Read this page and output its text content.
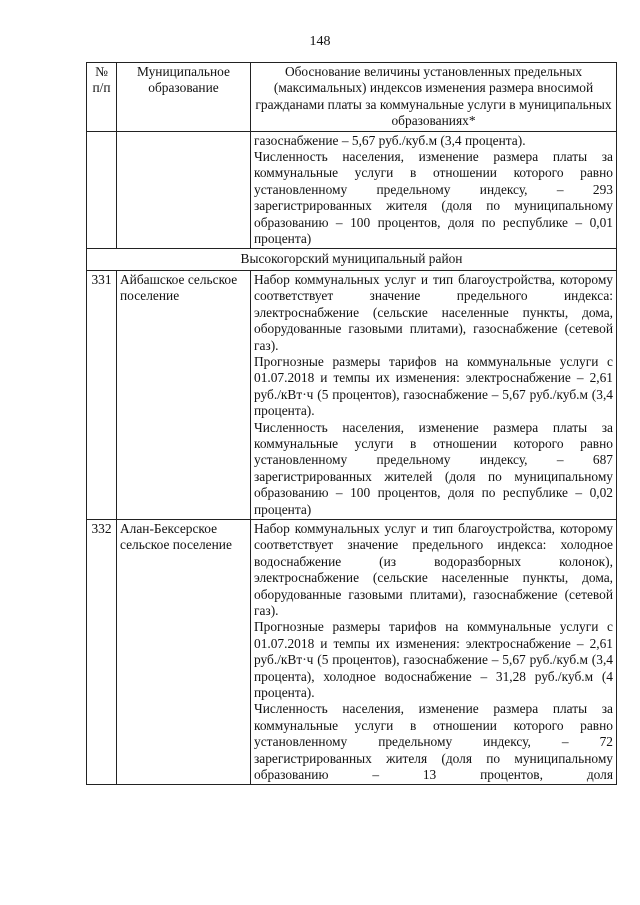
148
№ п/п	Муниципальное образование	Обоснование величины установленных предельных (максимальных) индексов изменения размера вносимой гражданами платы за коммунальные услуги в муниципальных образованиях*

		газоснабжение – 5,67 руб./куб.м (3,4 процента).

Численность населения, изменение размера платы за коммунальные услуги в отношении которого равно установленному предельному индексу, – 293 зарегистрированных жителя (доля по муниципальному образованию – 100 процентов, доля по республике – 0,01 процента)

Высокогорский муниципальный район		
331	Айбашское сельское поселение	Набор коммунальных услуг и тип благоустройства, которому соответствует значение предельного индекса: электроснабжение (сельские населенные пункты, дома, оборудованные газовыми плитами), газоснабжение (сетевой газ).

Прогнозные размеры тарифов на коммунальные услуги с 01.07.2018 и темпы их изменения: электроснабжение – 2,61 руб./кВт·ч (5 процентов), газоснабжение – 5,67 руб./куб.м (3,4 процента).

Численность населения, изменение размера платы за коммунальные услуги в отношении которого равно установленному предельному индексу, – 687 зарегистрированных жителей (доля по муниципальному образованию – 100 процентов, доля по республике – 0,02 процента)

332	Алан-Бексерское сельское поселение	Набор коммунальных услуг и тип благоустройства, которому соответствует значение предельного индекса: холодное водоснабжение (из водоразборных колонок), электроснабжение (сельские населенные пункты, дома, оборудованные газовыми плитами), газоснабжение (сетевой газ).

Прогнозные размеры тарифов на коммунальные услуги с 01.07.2018 и темпы их изменения: электроснабжение – 2,61 руб./кВт·ч (5 процентов), газоснабжение – 5,67 руб./куб.м (3,4 процента), холодное водоснабжение – 31,28 руб./куб.м (4 процента).

Численность населения, изменение размера платы за коммунальные услуги в отношении которого равно установленному предельному индексу, – 72 зарегистрированных жителя (доля по муниципальному образованию – 13 процентов, доля
